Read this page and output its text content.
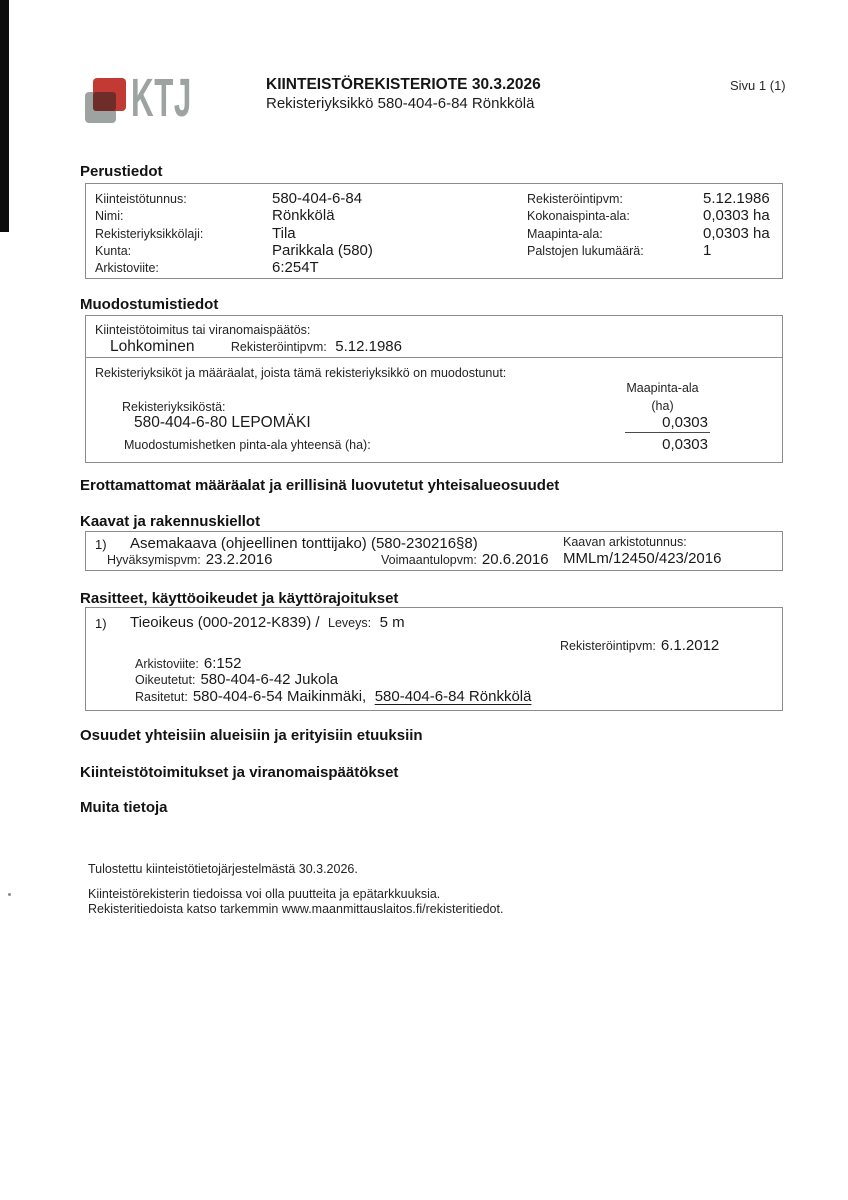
KTJ	KIINTEISTÖREKISTERIOTE 30.3.2026
Rekisteriyksikkö 580-404-6-84 Rönkkölä
Sivu 1 (1)
Perustiedot
Kiinteistötunnus:	580-404-6-84
Nimi:	Rönkkölä
Rekisteriyksikkölaji:	Tila
Kunta:	Parikkala (580)
Arkistoviite:	6:254T
Rekisteröintipvm:	5.12.1986
Kokonaispinta-ala:	0,0303 ha
Maapinta-ala:	0,0303 ha
Palstojen lukumäärä:	1
Muodostumistiedot
Kiinteistötoimitus tai viranomaispäätös:
Lohkominen	Rekisteröintipvm: 5.12.1986
Rekisteriyksiköt ja määräalat, joista tämä rekisteriyksikkö on muodostunut:
Maapinta-ala
(ha)
Rekisteriyksiköstä:
580-404-6-80 LEPOMÄKI	0,0303
Muodostumishetken pinta-ala yhteensä (ha):	0,0303
Erottamattomat määräalat ja erillisinä luovutetut yhteisalueosuudet
Kaavat ja rakennuskiellot
1) Asemakaava (ohjeellinen tonttijako) (580-230216§8)	Kaavan arkistotunnus:
Hyväksymispvm: 23.2.2016	Voimaantulopvm: 20.6.2016 MMLm/12450/423/2016
Rasitteet, käyttöoikeudet ja käyttörajoitukset
1) Tieoikeus (000-2012-K839) / Leveys: 5 m
Rekisteröintipvm: 6.1.2012
Arkistoviite: 6:152
Oikeutetut: 580-404-6-42 Jukola
Rasitetut: 580-404-6-54 Maikinmäki, 580-404-6-84 Rönkkölä
Osuudet yhteisiin alueisiin ja erityisiin etuuksiin
Kiinteistötoimitukset ja viranomaispäätökset
Muita tietoja
Tulostettu kiinteistötietojärjestelmästä 30.3.2026.
Kiinteistörekisterin tiedoissa voi olla puutteita ja epätarkkuuksia.
Rekisteritiedoista katso tarkemmin www.maanmittauslaitos.fi/rekisteritiedot.
